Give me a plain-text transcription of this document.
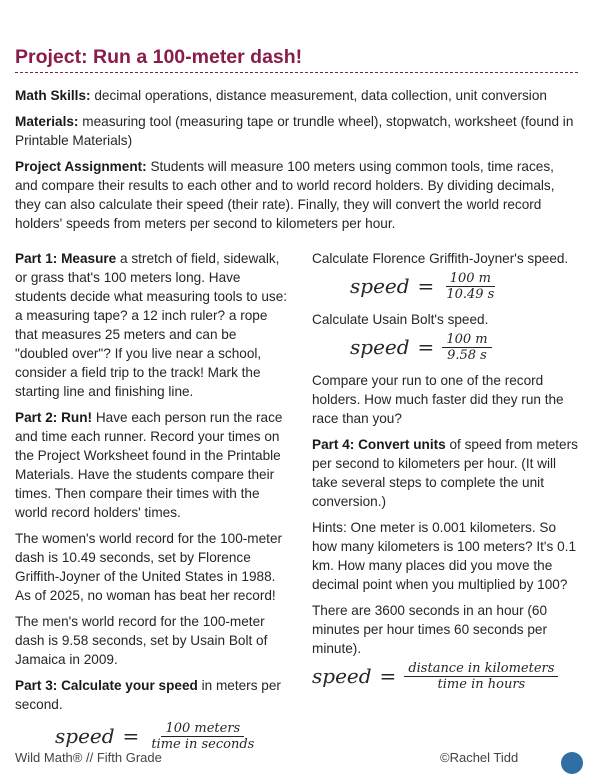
Project: Run a 100-meter dash!

Math Skills: decimal operations, distance measurement, data collection, unit conversion

Materials: measuring tool (measuring tape or trundle wheel), stopwatch, worksheet (found in Printable Materials)

Project Assignment: Students will measure 100 meters using common tools, time races, and compare their results to each other and to world record holders. By dividing decimals, they can also calculate their speed (their rate). Finally, they will convert the world record holders' speeds from meters per second to kilometers per hour.

Part 1: Measure a stretch of field, sidewalk, or grass that's 100 meters long. Have students decide what measuring tools to use: a measuring tape? a 12 inch ruler? a rope that measures 25 meters and can be "doubled over"? If you live near a school, consider a field trip to the track! Mark the starting line and finishing line.

Part 2: Run! Have each person run the race and time each runner. Record your times on the Project Worksheet found in the Printable Materials. Have the students compare their times. Then compare their times with the world record holders' times.

The women's world record for the 100-meter dash is 10.49 seconds, set by Florence Griffith-Joyner of the United States in 1988. As of 2025, no woman has beat her record!

The men's world record for the 100-meter dash is 9.58 seconds, set by Usain Bolt of Jamaica in 2009.

Part 3: Calculate your speed in meters per second.

speed = $\frac{\text{100 meters}}{\text{time in seconds}}$

Calculate Florence Griffith-Joyner's speed.

speed = $\frac{100 m}{10.49 s}$

Calculate Usain Bolt's speed.

speed = $\frac{100 m}{9.58 s}$

Compare your run to one of the record holders. How much faster did they run the race than you?

Part 4: Convert units of speed from meters per second to kilometers per hour. (It will take several steps to complete the unit conversion.)

Hints: One meter is 0.001 kilometers. So how many kilometers is 100 meters? It's 0.1 km. How many places did you move the decimal point when you multiplied by 100?

There are 3600 seconds in an hour (60 minutes per hour times 60 seconds per minute).

speed = $\frac{\text{distance in kilometers}}{\text{time in hours}}$
Wild Math® // Fifth Grade	©Rachel Tidd
